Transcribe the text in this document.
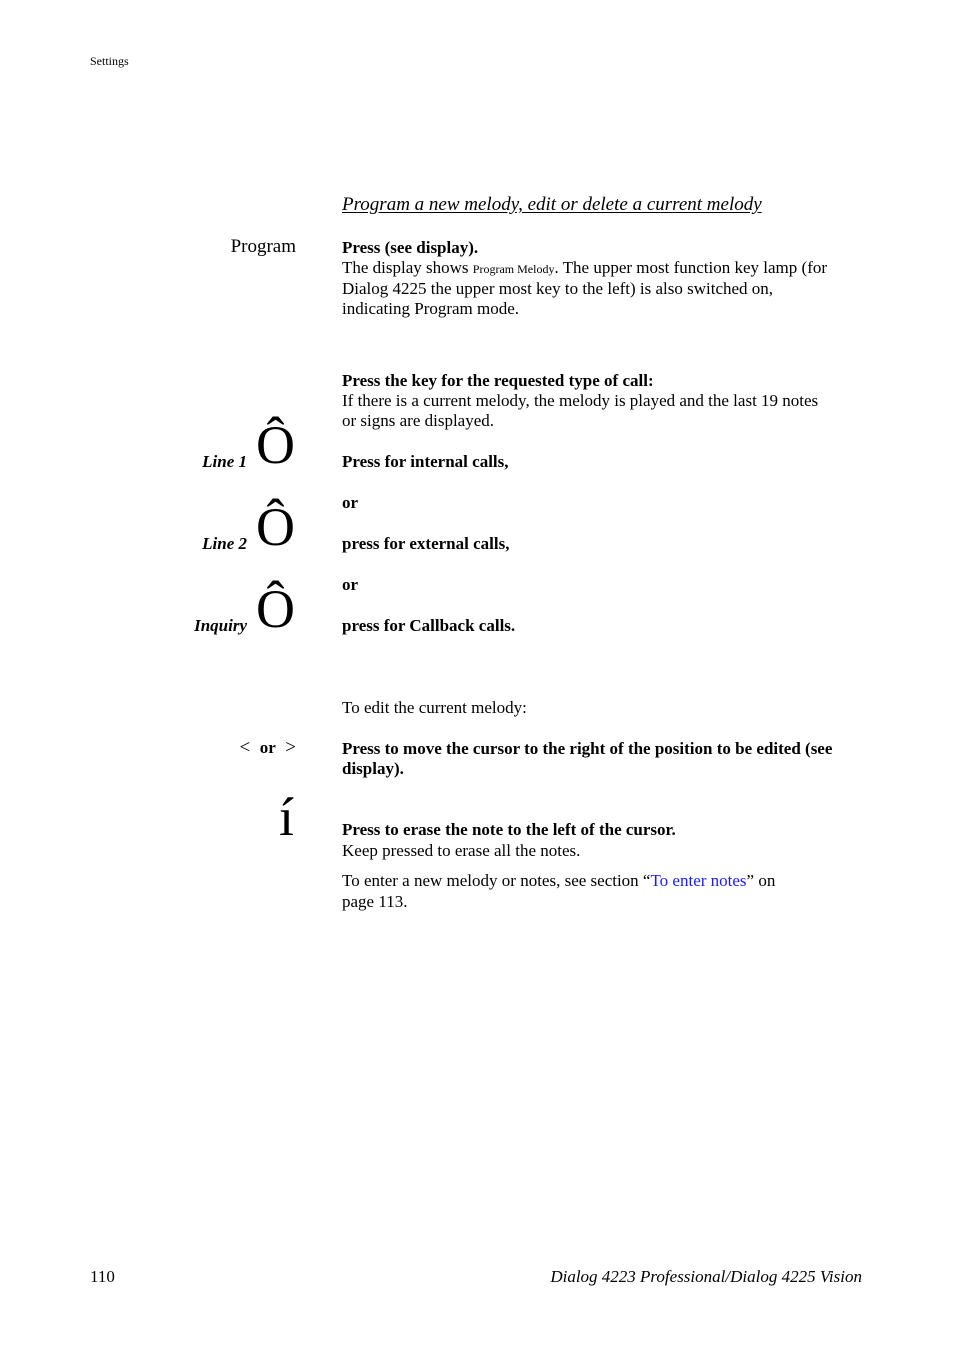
Settings
Program a new melody, edit or delete a current melody
Program	Press (see display).
The display shows Program Melody. The upper most function key lamp (for
Dialog 4225 the upper most key to the left) is also switched on,
indicating Program mode.
Press the key for the requested type of call:
If there is a current melody, the melody is played and the last 19 notes
or signs are displayed.
Line 1 Ô	Press for internal calls,
or
Line 2 Ô	press for external calls,
or
Inquiry Ô	press for Callback calls.
To edit the current melody:
< or >	Press to move the cursor to the right of the position to be edited (see
display).
í	Press to erase the note to the left of the cursor.
Keep pressed to erase all the notes.
To enter a new melody or notes, see section “To enter notes” on
page 113.
110	Dialog 4223 Professional/Dialog 4225 Vision
